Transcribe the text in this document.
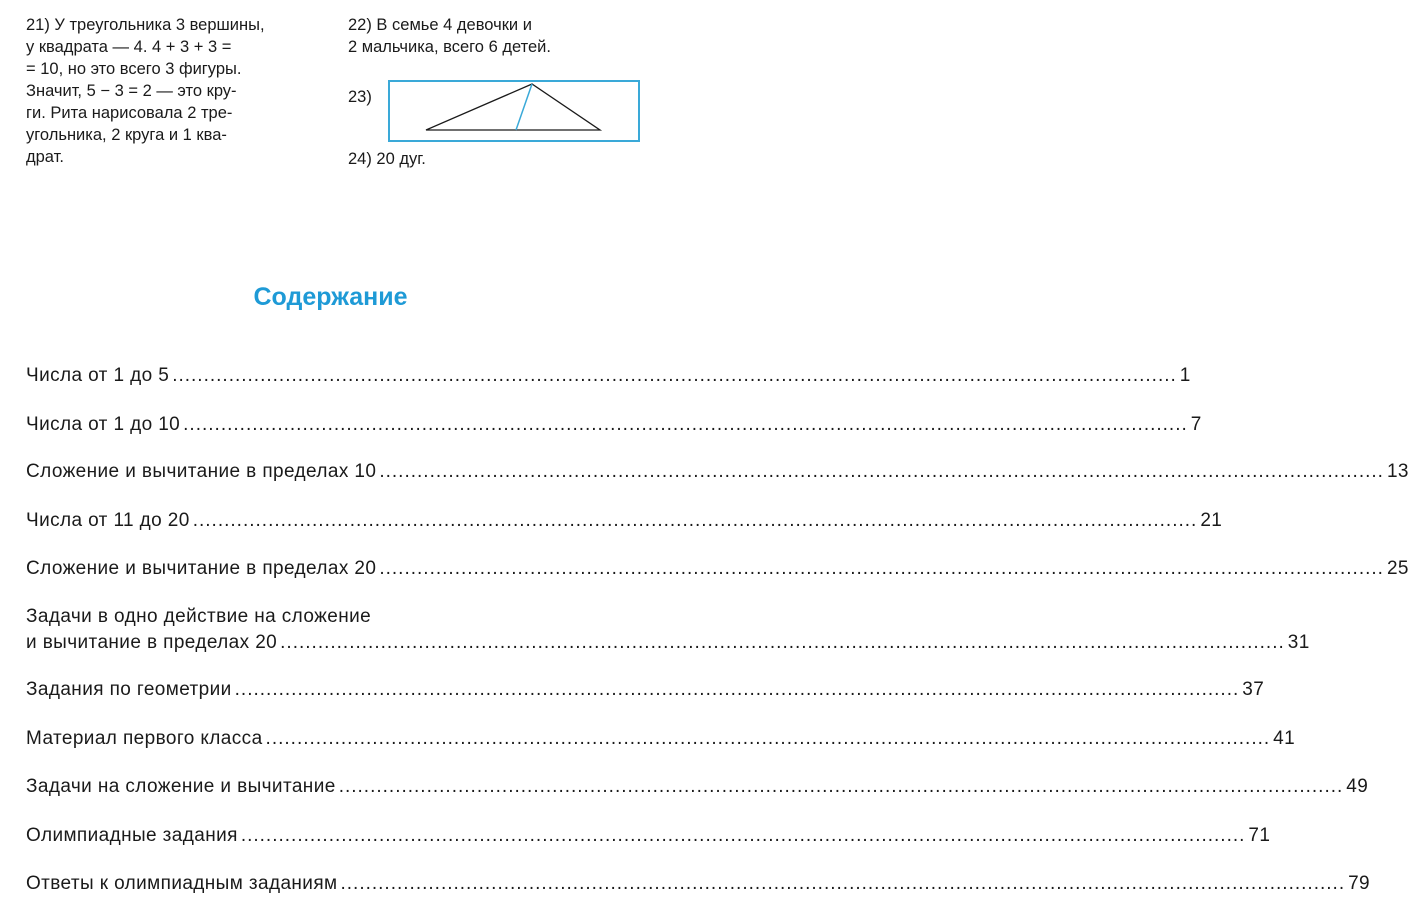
21) У треугольника 3 вершины,
у квадрата — 4. 4 + 3 + 3 =
= 10, но это всего 3 фигуры.
Значит, 5 − 3 = 2 — это кру-
ги. Рита нарисовала 2 тре-
угольника, 2 круга и 1 ква-
драт.
22) В семье 4 девочки и
2 мальчика, всего 6 детей.
23)
24) 20 дуг.
Содержание
Числа от 1 до 5 ................................................................................................................................................................ 1
Числа от 1 до 10 ................................................................................................................................................................ 7
Сложение и вычитание в пределах 10 ................................................................................................................................................................ 13
Числа от 11 до 20 ................................................................................................................................................................ 21
Сложение и вычитание в пределах 20 ................................................................................................................................................................ 25
Задачи в одно действие на сложение
и вычитание в пределах 20 ................................................................................................................................................................ 31
Задания по геометрии ................................................................................................................................................................ 37
Материал первого класса ................................................................................................................................................................ 41
Задачи на сложение и вычитание ................................................................................................................................................................ 49
Олимпиадные задания ................................................................................................................................................................ 71
Ответы к олимпиадным заданиям ................................................................................................................................................................ 79
